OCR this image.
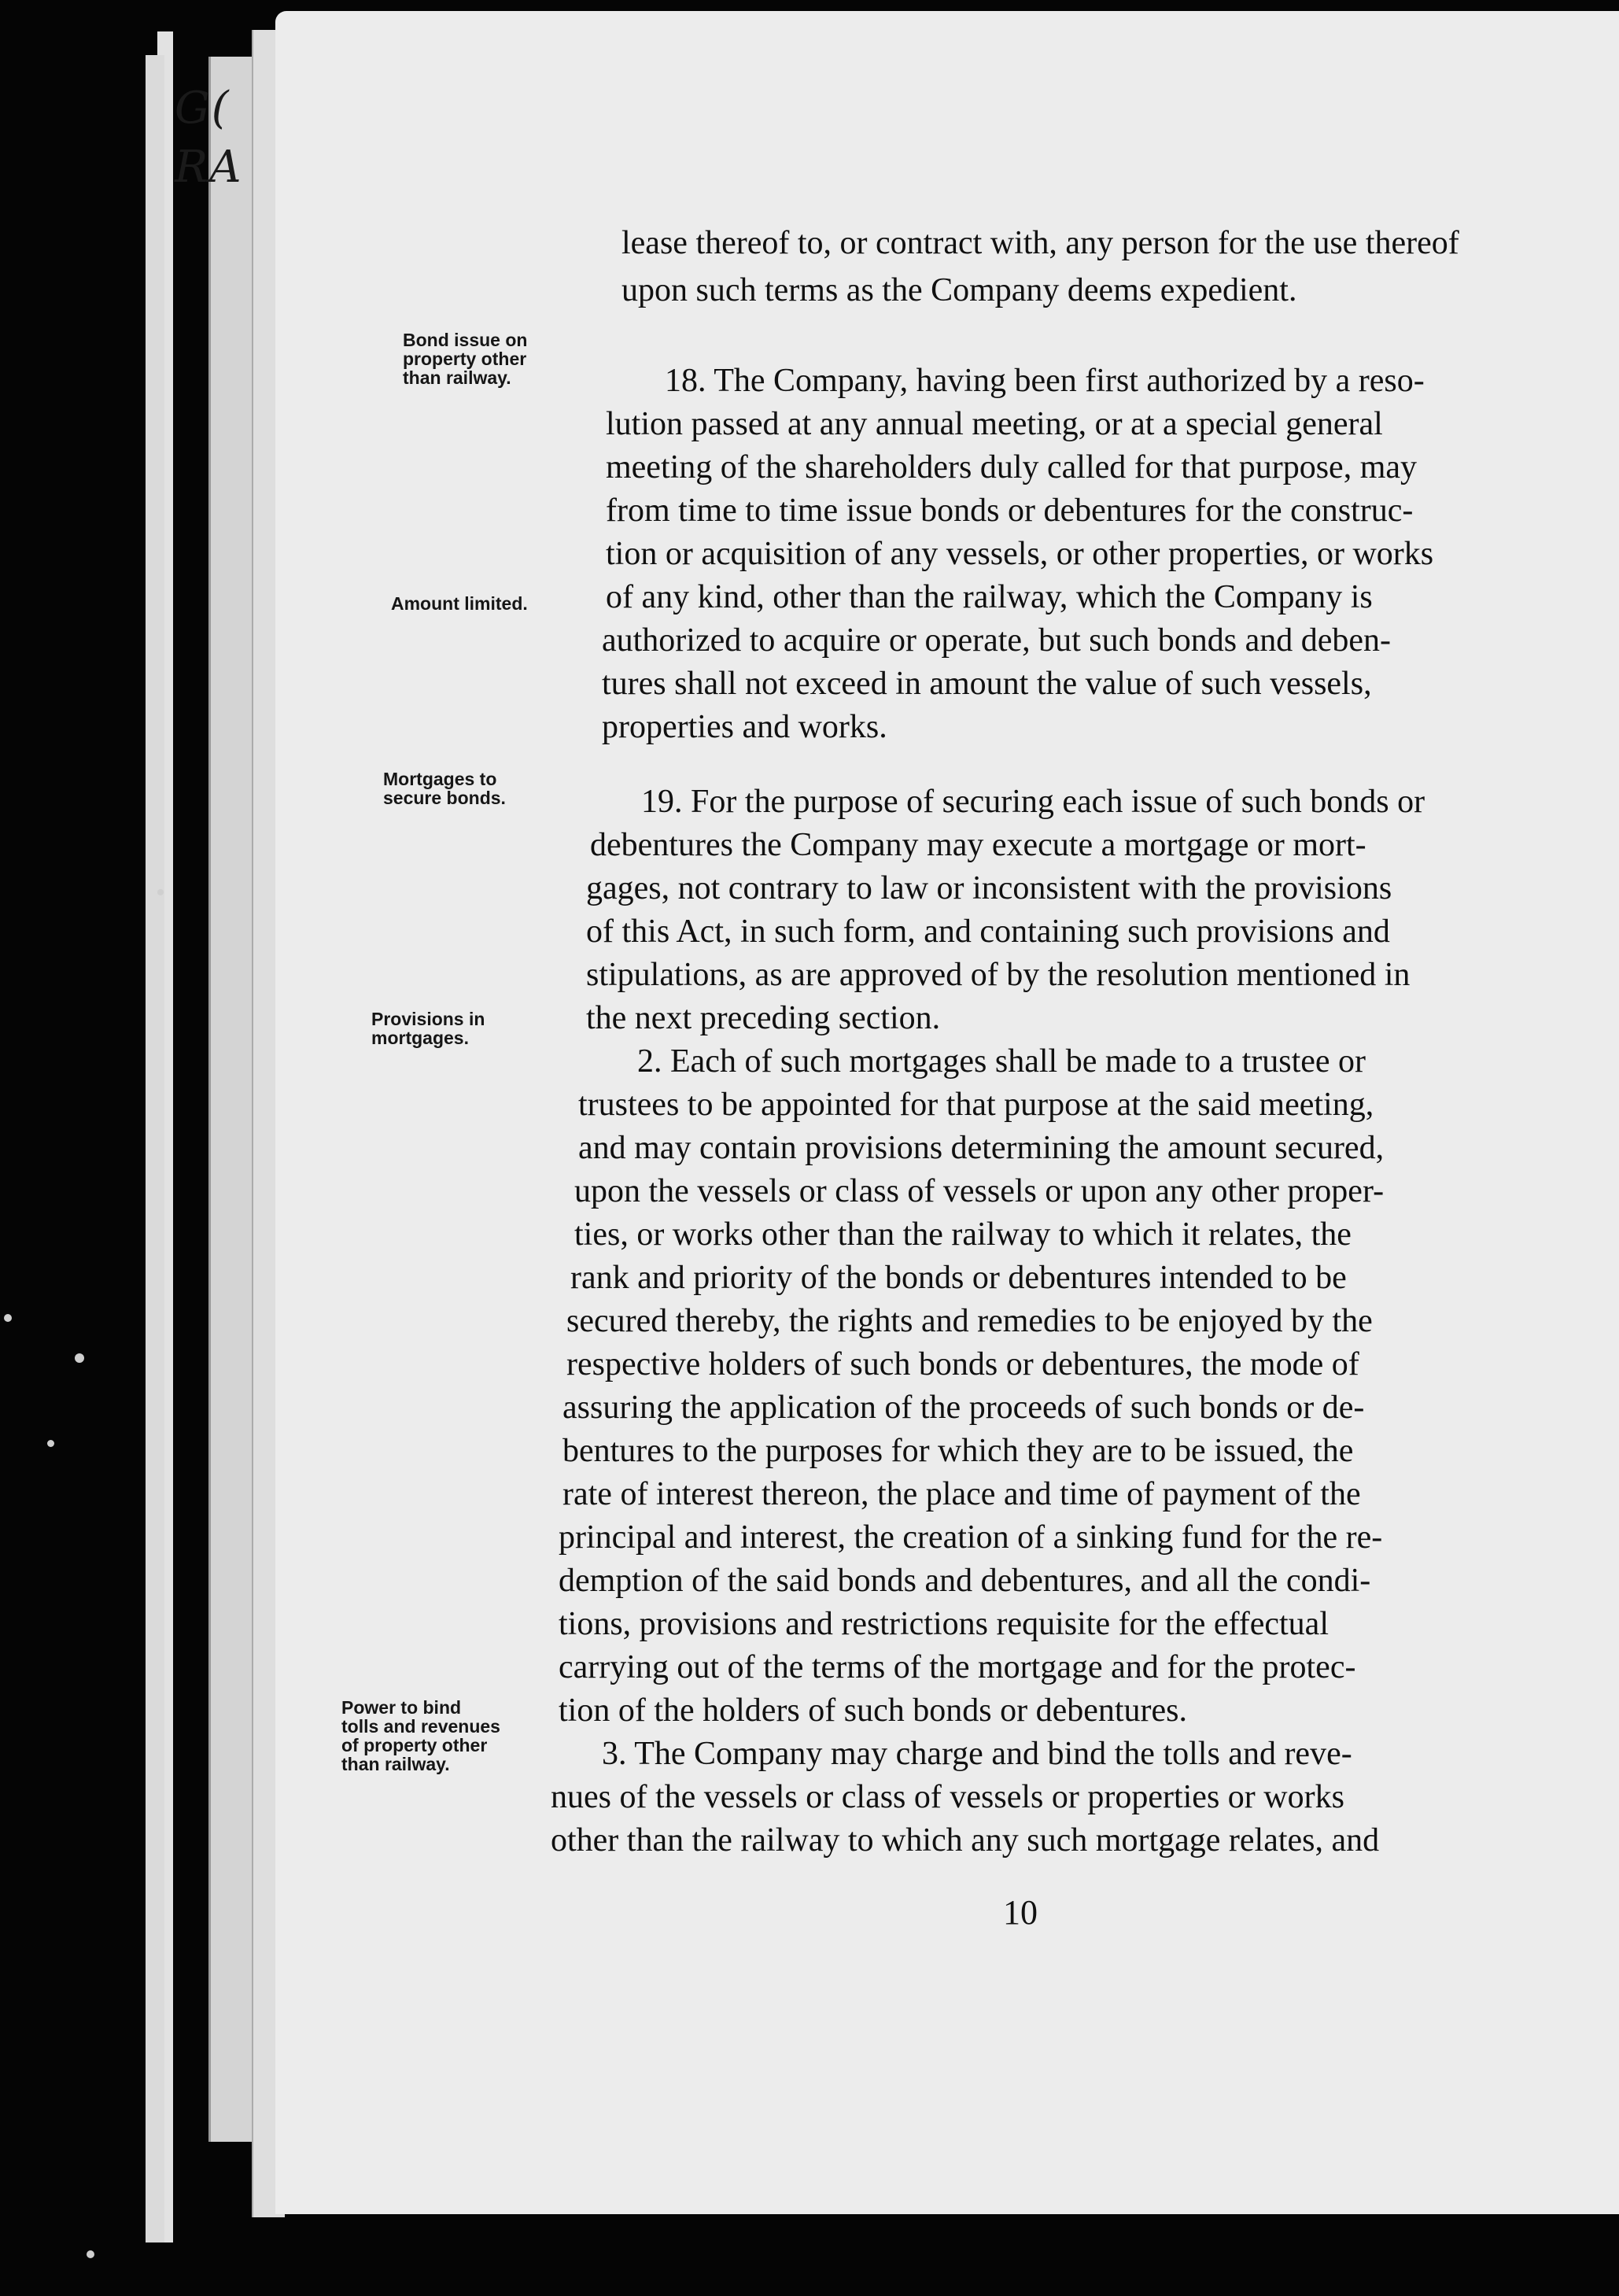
G(
RA

Bond issue on
property other
than railway.

Amount limited.

Mortgages to
secure bonds.

Provisions in
mortgages.

Power to bind
tolls and revenues
of property other
than railway.

lease thereof to, or contract with, any person for the use thereof

upon such terms as the Company deems expedient.

18. The Company, having been first authorized by a reso-

lution passed at any annual meeting, or at a special general

meeting of the shareholders duly called for that purpose, may

from time to time issue bonds or debentures for the construc-

tion or acquisition of any vessels, or other properties, or works

of any kind, other than the railway, which the Company is

authorized to acquire or operate, but such bonds and deben-

tures shall not exceed in amount the value of such vessels,

properties and works.

19. For the purpose of securing each issue of such bonds or

debentures the Company may execute a mortgage or mort-

gages, not contrary to law or inconsistent with the provisions

of this Act, in such form, and containing such provisions and

stipulations, as are approved of by the resolution mentioned in

the next preceding section.

2. Each of such mortgages shall be made to a trustee or

trustees to be appointed for that purpose at the said meeting,

and may contain provisions determining the amount secured,

upon the vessels or class of vessels or upon any other proper-

ties, or works other than the railway to which it relates, the

rank and priority of the bonds or debentures intended to be

secured thereby, the rights and remedies to be enjoyed by the

respective holders of such bonds or debentures, the mode of

assuring the application of the proceeds of such bonds or de-

bentures to the purposes for which they are to be issued, the

rate of interest thereon, the place and time of payment of the

principal and interest, the creation of a sinking fund for the re-

demption of the said bonds and debentures, and all the condi-

tions, provisions and restrictions requisite for the effectual

carrying out of the terms of the mortgage and for the protec-

tion of the holders of such bonds or debentures.

3. The Company may charge and bind the tolls and reve-

nues of the vessels or class of vessels or properties or works

other than the railway to which any such mortgage relates, and

10
